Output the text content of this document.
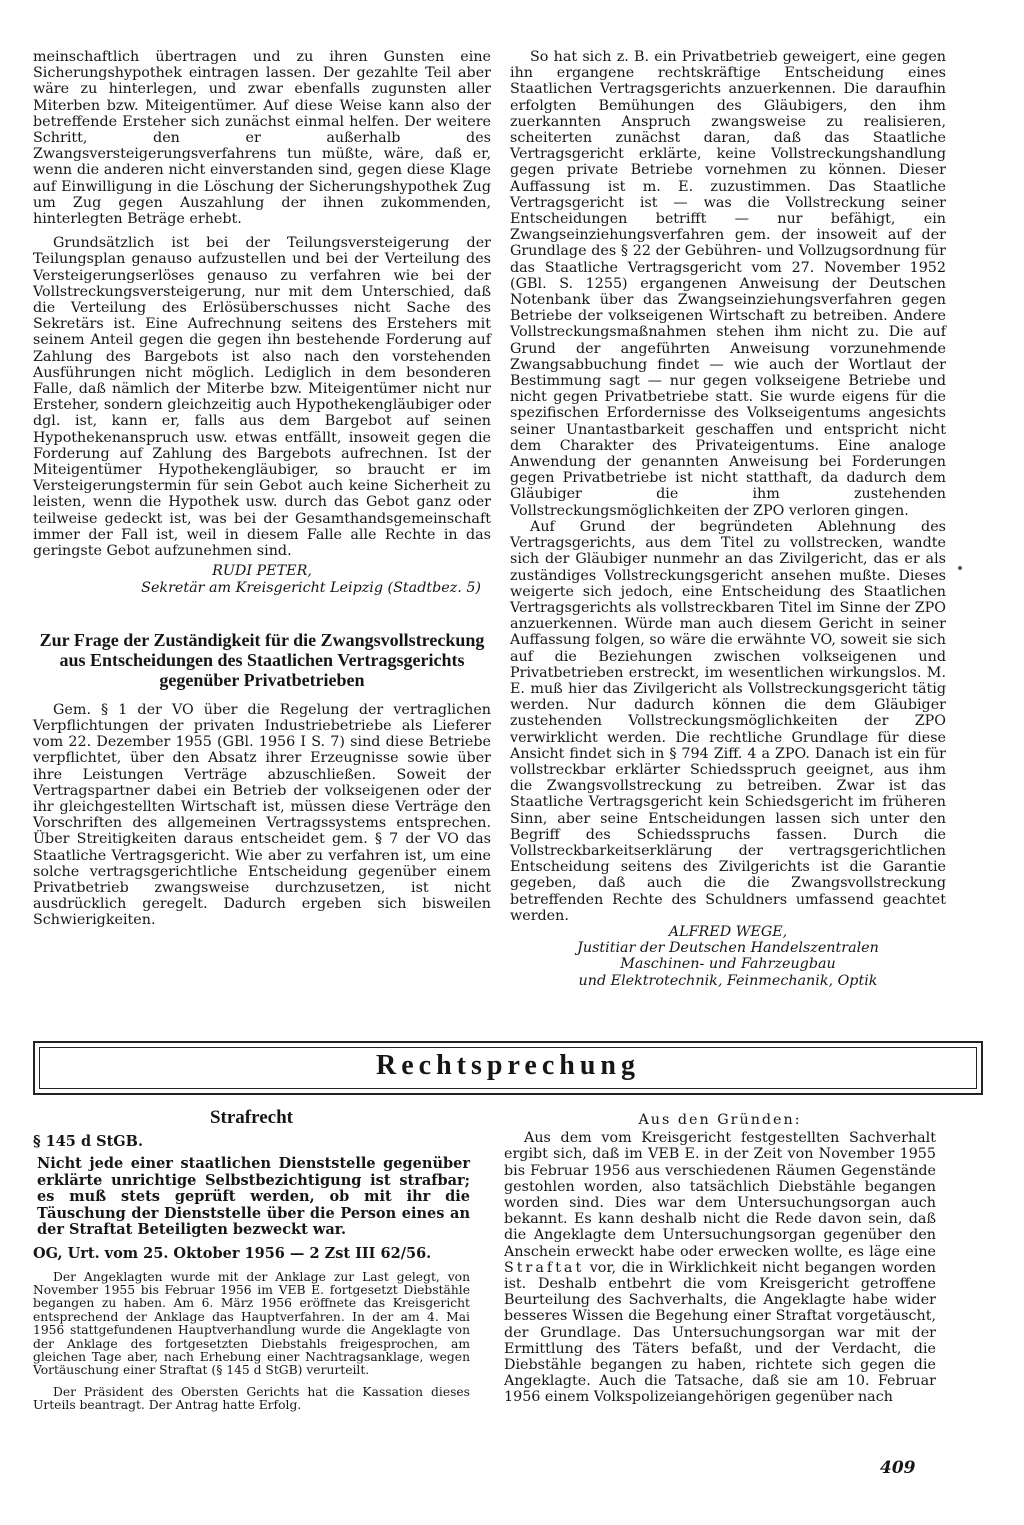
meinschaftlich übertragen und zu ihren Gunsten eine Sicherungshypothek eintragen lassen. Der gezahlte Teil aber wäre zu hinterlegen, und zwar ebenfalls zugunsten aller Miterben bzw. Miteigentümer. Auf diese Weise kann also der betreffende Ersteher sich zunächst einmal helfen. Der weitere Schritt, den er außerhalb des Zwangsversteigerungsverfahrens tun müßte, wäre, daß er, wenn die anderen nicht einverstanden sind, gegen diese Klage auf Einwilligung in die Löschung der Sicherungshypothek Zug um Zug gegen Auszahlung der ihnen zukommenden, hinterlegten Beträge erhebt.

Grundsätzlich ist bei der Teilungsversteigerung der Teilungsplan genauso aufzustellen und bei der Verteilung des Versteigerungserlöses genauso zu verfahren wie bei der Vollstreckungsversteigerung, nur mit dem Unterschied, daß die Verteilung des Erlösüberschusses nicht Sache des Sekretärs ist. Eine Aufrechnung seitens des Erstehers mit seinem Anteil gegen die gegen ihn bestehende Forderung auf Zahlung des Bargebots ist also nach den vorstehenden Ausführungen nicht möglich. Lediglich in dem besonderen Falle, daß nämlich der Miterbe bzw. Miteigentümer nicht nur Ersteher, sondern gleichzeitig auch Hypothekengläubiger oder dgl. ist, kann er, falls aus dem Bargebot auf seinen Hypothekenanspruch usw. etwas entfällt, insoweit gegen die Forderung auf Zahlung des Bargebots aufrechnen. Ist der Miteigentümer Hypothekengläubiger, so braucht er im Versteigerungstermin für sein Gebot auch keine Sicherheit zu leisten, wenn die Hypothek usw. durch das Gebot ganz oder teilweise gedeckt ist, was bei der Gesamthandsgemeinschaft immer der Fall ist, weil in diesem Falle alle Rechte in das geringste Gebot aufzunehmen sind.

RUDI PETER,

Sekretär am Kreisgericht Leipzig (Stadtbez. 5)

Zur Frage der Zuständigkeit für die Zwangsvollstreckung aus Entscheidungen des Staatlichen Vertragsgerichts gegenüber Privatbetrieben

Gem. § 1 der VO über die Regelung der vertraglichen Verpflichtungen der privaten Industriebetriebe als Lieferer vom 22. Dezember 1955 (GBl. 1956 I S. 7) sind diese Betriebe verpflichtet, über den Absatz ihrer Erzeugnisse sowie über ihre Leistungen Verträge abzuschließen. Soweit der Vertragspartner dabei ein Betrieb der volkseigenen oder der ihr gleichgestellten Wirtschaft ist, müssen diese Verträge den Vorschriften des allgemeinen Vertragssystems entsprechen. Über Streitigkeiten daraus entscheidet gem. § 7 der VO das Staatliche Vertragsgericht. Wie aber zu verfahren ist, um eine solche vertragsgerichtliche Entscheidung gegenüber einem Privatbetrieb zwangsweise durchzusetzen, ist nicht ausdrücklich geregelt. Dadurch ergeben sich bisweilen Schwierigkeiten.

So hat sich z. B. ein Privatbetrieb geweigert, eine gegen ihn ergangene rechtskräftige Entscheidung eines Staatlichen Vertragsgerichts anzuerkennen. Die daraufhin erfolgten Bemühungen des Gläubigers, den ihm zuerkannten Anspruch zwangsweise zu realisieren, scheiterten zunächst daran, daß das Staatliche Vertragsgericht erklärte, keine Vollstreckungshandlung gegen private Betriebe vornehmen zu können. Dieser Auffassung ist m. E. zuzustimmen. Das Staatliche Vertragsgericht ist — was die Vollstreckung seiner Entscheidungen betrifft — nur befähigt, ein Zwangseinziehungsverfahren gem. der insoweit auf der Grundlage des § 22 der Gebühren- und Vollzugsordnung für das Staatliche Vertragsgericht vom 27. November 1952 (GBl. S. 1255) ergangenen Anweisung der Deutschen Notenbank über das Zwangseinziehungsverfahren gegen Betriebe der volkseigenen Wirtschaft zu betreiben. Andere Vollstreckungsmaßnahmen stehen ihm nicht zu. Die auf Grund der angeführten Anweisung vorzunehmende Zwangsabbuchung findet — wie auch der Wortlaut der Bestimmung sagt — nur gegen volkseigene Betriebe und nicht gegen Privatbetriebe statt. Sie wurde eigens für die spezifischen Erfordernisse des Volkseigentums angesichts seiner Unantastbarkeit geschaffen und entspricht nicht dem Charakter des Privateigentums. Eine analoge Anwendung der genannten Anweisung bei Forderungen gegen Privatbetriebe ist nicht statthaft, da dadurch dem Gläubiger die ihm zustehenden Vollstreckungsmöglichkeiten der ZPO verloren gingen.

Auf Grund der begründeten Ablehnung des Vertragsgerichts, aus dem Titel zu vollstrecken, wandte sich der Gläubiger nunmehr an das Zivilgericht, das er als zuständiges Vollstreckungsgericht ansehen mußte. Dieses weigerte sich jedoch, eine Entscheidung des Staatlichen Vertragsgerichts als vollstreckbaren Titel im Sinne der ZPO anzuerkennen. Würde man auch diesem Gericht in seiner Auffassung folgen, so wäre die erwähnte VO, soweit sie sich auf die Beziehungen zwischen volkseigenen und Privatbetrieben erstreckt, im wesentlichen wirkungslos. M. E. muß hier das Zivilgericht als Vollstreckungsgericht tätig werden. Nur dadurch können die dem Gläubiger zustehenden Vollstreckungsmöglichkeiten der ZPO verwirklicht werden. Die rechtliche Grundlage für diese Ansicht findet sich in § 794 Ziff. 4 a ZPO. Danach ist ein für vollstreckbar erklärter Schiedsspruch geeignet, aus ihm die Zwangsvollstreckung zu betreiben. Zwar ist das Staatliche Vertragsgericht kein Schiedsgericht im früheren Sinn, aber seine Entscheidungen lassen sich unter den Begriff des Schiedsspruchs fassen. Durch die Vollstreckbarkeitserklärung der vertragsgerichtlichen Entscheidung seitens des Zivilgerichts ist die Garantie gegeben, daß auch die die Zwangsvollstreckung betreffenden Rechte des Schuldners umfassend geachtet werden.

ALFRED WEGE,

Justitiar der Deutschen Handelszentralen

Maschinen- und Fahrzeugbau

und Elektrotechnik, Feinmechanik, Optik

Rechtsprechung
Strafrecht

§ 145 d StGB.

Nicht jede einer staatlichen Dienststelle gegenüber erklärte unrichtige Selbstbezichtigung ist strafbar; es muß stets geprüft werden, ob mit ihr die Täuschung der Dienststelle über die Person eines an der Straftat Beteiligten bezweckt war.

OG, Urt. vom 25. Oktober 1956 — 2 Zst III 62/56.

Der Angeklagten wurde mit der Anklage zur Last gelegt, von November 1955 bis Februar 1956 im VEB E. fortgesetzt Diebstähle begangen zu haben. Am 6. März 1956 eröffnete das Kreisgericht entsprechend der Anklage das Hauptverfahren. In der am 4. Mai 1956 stattgefundenen Hauptverhandlung wurde die Angeklagte von der Anklage des fortgesetzten Diebstahls freigesprochen, am gleichen Tage aber, nach Erhebung einer Nachtragsanklage, wegen Vortäuschung einer Straftat (§ 145 d StGB) verurteilt.

Der Präsident des Obersten Gerichts hat die Kassation dieses Urteils beantragt. Der Antrag hatte Erfolg.

Aus den Gründen:

Aus dem vom Kreisgericht festgestellten Sachverhalt ergibt sich, daß im VEB E. in der Zeit von November 1955 bis Februar 1956 aus verschiedenen Räumen Gegenstände gestohlen worden, also tatsächlich Diebstähle begangen worden sind. Dies war dem Untersuchungsorgan auch bekannt. Es kann deshalb nicht die Rede davon sein, daß die Angeklagte dem Untersuchungsorgan gegenüber den Anschein erweckt habe oder erwecken wollte, es läge eine Straftat vor, die in Wirklichkeit nicht begangen worden ist. Deshalb entbehrt die vom Kreisgericht getroffene Beurteilung des Sachverhalts, die Angeklagte habe wider besseres Wissen die Begehung einer Straftat vorgetäuscht, der Grundlage. Das Untersuchungsorgan war mit der Ermittlung des Täters befaßt, und der Verdacht, die Diebstähle begangen zu haben, richtete sich gegen die Angeklagte. Auch die Tatsache, daß sie am 10. Februar 1956 einem Volkspolizeiangehörigen gegenüber nach

409
